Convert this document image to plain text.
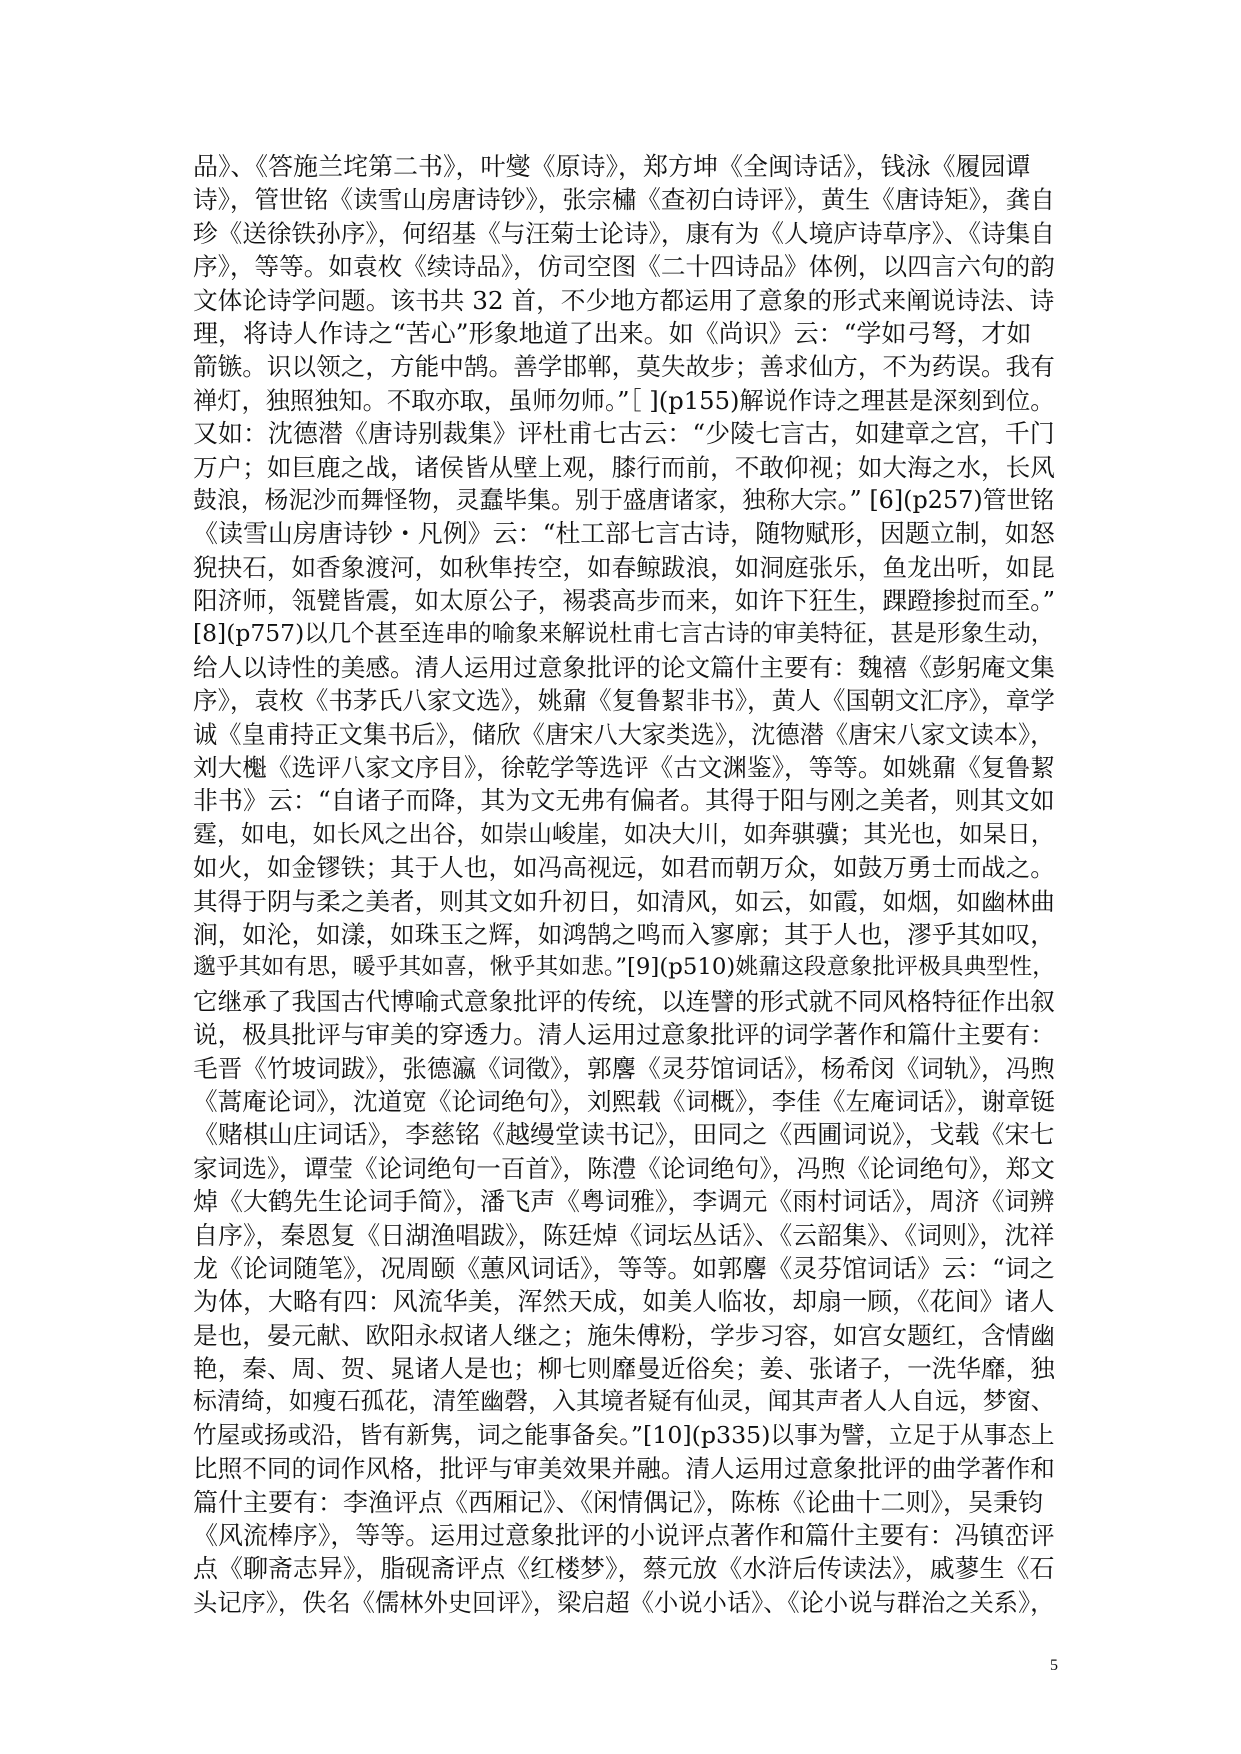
品》、《答施兰垞第二书》，叶燮《原诗》，郑方坤《全闽诗话》，钱泳《履园谭
诗》，管世铭《读雪山房唐诗钞》，张宗橚《查初白诗评》，黄生《唐诗矩》，龚自
珍《送徐铁孙序》，何绍基《与汪菊士论诗》，康有为《人境庐诗草序》、《诗集自
序》，等等。如袁枚《续诗品》，仿司空图《二十四诗品》体例，以四言六句的韵
文体论诗学问题。该书共 32 首，不少地方都运用了意象的形式来阐说诗法、诗
理，将诗人作诗之“苦心”形象地道了出来。如《尚识》云：“学如弓弩，才如
箭镞。识以领之，方能中鹄。善学邯郸，莫失故步；善求仙方，不为药误。我有
禅灯，独照独知。不取亦取，虽师勿师。”［ ](p155)解说作诗之理甚是深刻到位。
又如：沈德潜《唐诗别裁集》评杜甫七古云：“少陵七言古，如建章之宫，千门
万户；如巨鹿之战，诸侯皆从壁上观，膝行而前，不敢仰视；如大海之水，长风
鼓浪，杨泥沙而舞怪物，灵蠢毕集。别于盛唐诸家，独称大宗。” [6](p257)管世铭
《读雪山房唐诗钞・凡例》云：“杜工部七言古诗，随物赋形，因题立制，如怒
猊抉石，如香象渡河，如秋隼抟空，如春鲸跋浪，如洞庭张乐，鱼龙出听，如昆
阳济师，瓴甓皆震，如太原公子，裼裘高步而来，如许下狂生，踝蹬掺挝而至。”
[8](p757)以几个甚至连串的喻象来解说杜甫七言古诗的审美特征，甚是形象生动，
给人以诗性的美感。清人运用过意象批评的论文篇什主要有：魏禧《彭躬庵文集
序》，袁枚《书茅氏八家文选》，姚鼐《复鲁絜非书》，黄人《国朝文汇序》，章学
诚《皇甫持正文集书后》，储欣《唐宋八大家类选》，沈德潜《唐宋八家文读本》，
刘大櫆《选评八家文序目》，徐乾学等选评《古文渊鉴》，等等。如姚鼐《复鲁絜
非书》云：“自诸子而降，其为文无弗有偏者。其得于阳与刚之美者，则其文如
霆，如电，如长风之出谷，如崇山峻崖，如决大川，如奔骐骥；其光也，如杲日，
如火，如金镠铁；其于人也，如冯高视远，如君而朝万众，如鼓万勇士而战之。
其得于阴与柔之美者，则其文如升初日，如清风，如云，如霞，如烟，如幽林曲
涧，如沦，如漾，如珠玉之辉，如鸿鹄之鸣而入寥廓；其于人也，漻乎其如叹，
邈乎其如有思，暖乎其如喜，愀乎其如悲。”[9](p510)姚鼐这段意象批评极具典型性，
它继承了我国古代博喻式意象批评的传统，以连譬的形式就不同风格特征作出叙
说，极具批评与审美的穿透力。清人运用过意象批评的词学著作和篇什主要有：
毛晋《竹坡词跋》，张德瀛《词徵》，郭麐《灵芬馆词话》，杨希闵《词轨》，冯煦
《蒿庵论词》，沈道宽《论词绝句》，刘熙载《词概》，李佳《左庵词话》，谢章铤
《赌棋山庄词话》，李慈铭《越缦堂读书记》，田同之《西圃词说》，戈载《宋七
家词选》，谭莹《论词绝句一百首》，陈澧《论词绝句》，冯煦《论词绝句》，郑文
焯《大鹤先生论词手简》，潘飞声《粤词雅》，李调元《雨村词话》，周济《词辨
自序》，秦恩复《日湖渔唱跋》，陈廷焯《词坛丛话》、《云韶集》、《词则》，沈祥
龙《论词随笔》，况周颐《蕙风词话》，等等。如郭麐《灵芬馆词话》云：“词之
为体，大略有四：风流华美，浑然天成，如美人临妆，却扇一顾，《花间》诸人
是也，晏元献、欧阳永叔诸人继之；施朱傅粉，学步习容，如宫女题红，含情幽
艳，秦、周、贺、晁诸人是也；柳七则靡曼近俗矣；姜、张诸子，一洗华靡，独
标清绮，如瘦石孤花，清笙幽磬，入其境者疑有仙灵，闻其声者人人自远，梦窗、
竹屋或扬或沿，皆有新隽，词之能事备矣。”[10](p335)以事为譬，立足于从事态上
比照不同的词作风格，批评与审美效果并融。清人运用过意象批评的曲学著作和
篇什主要有：李渔评点《西厢记》、《闲情偶记》，陈栋《论曲十二则》，吴秉钧
《风流棒序》，等等。运用过意象批评的小说评点著作和篇什主要有：冯镇峦评
点《聊斋志异》，脂砚斋评点《红楼梦》，蔡元放《水浒后传读法》，戚蓼生《石
头记序》，佚名《儒林外史回评》，梁启超《小说小话》、《论小说与群治之关系》，
5
